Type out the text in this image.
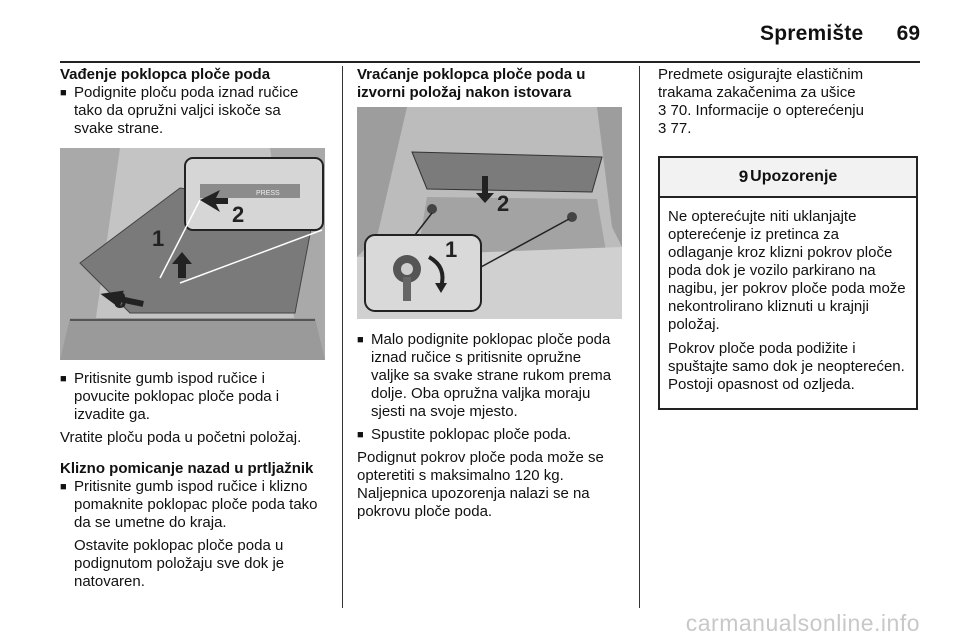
Spremište	69

Vađenje poklopca ploče poda

■ Podignite ploču poda iznad ručice tako da opružni valjci iskoče sa svake strane.

PRESS
2
1
3

■ Pritisnite gumb ispod ručice i povucite poklopac ploče poda i izvadite ga.

Vratite ploču poda u početni položaj.

Klizno pomicanje nazad u prtljažnik

■ Pritisnite gumb ispod ručice i klizno pomaknite poklopac ploče poda tako da se umetne do kraja.

Ostavite poklopac ploče poda u podignutom položaju sve dok je natovaren.

Vraćanje poklopca ploče poda u izvorni položaj nakon istovara

2
1

■ Malo podignite poklopac ploče poda iznad ručice s pritisnite opružne valjke sa svake strane rukom prema dolje. Oba opružna valjka moraju sjesti na svoje mjesto.

■ Spustite poklopac ploče poda.

Podignut pokrov ploče poda može se opteretiti s maksimalno 120 kg. Naljepnica upozorenja nalazi se na pokrovu ploče poda.

Predmete osigurajte elastičnim trakama zakačenima za ušice

3 70. Informacije o opterećenju

3 77.

9 Upozorenje

Ne opterećujte niti uklanjajte opterećenje iz pretinca za odlaganje kroz klizni pokrov ploče poda dok je vozilo parkirano na nagibu, jer pokrov ploče poda može nekontrolirano kliznuti u krajnji položaj.

Pokrov ploče poda podižite i spuštajte samo dok je neopterećen. Postoji opasnost od ozljeda.

carmanualsonline.info
